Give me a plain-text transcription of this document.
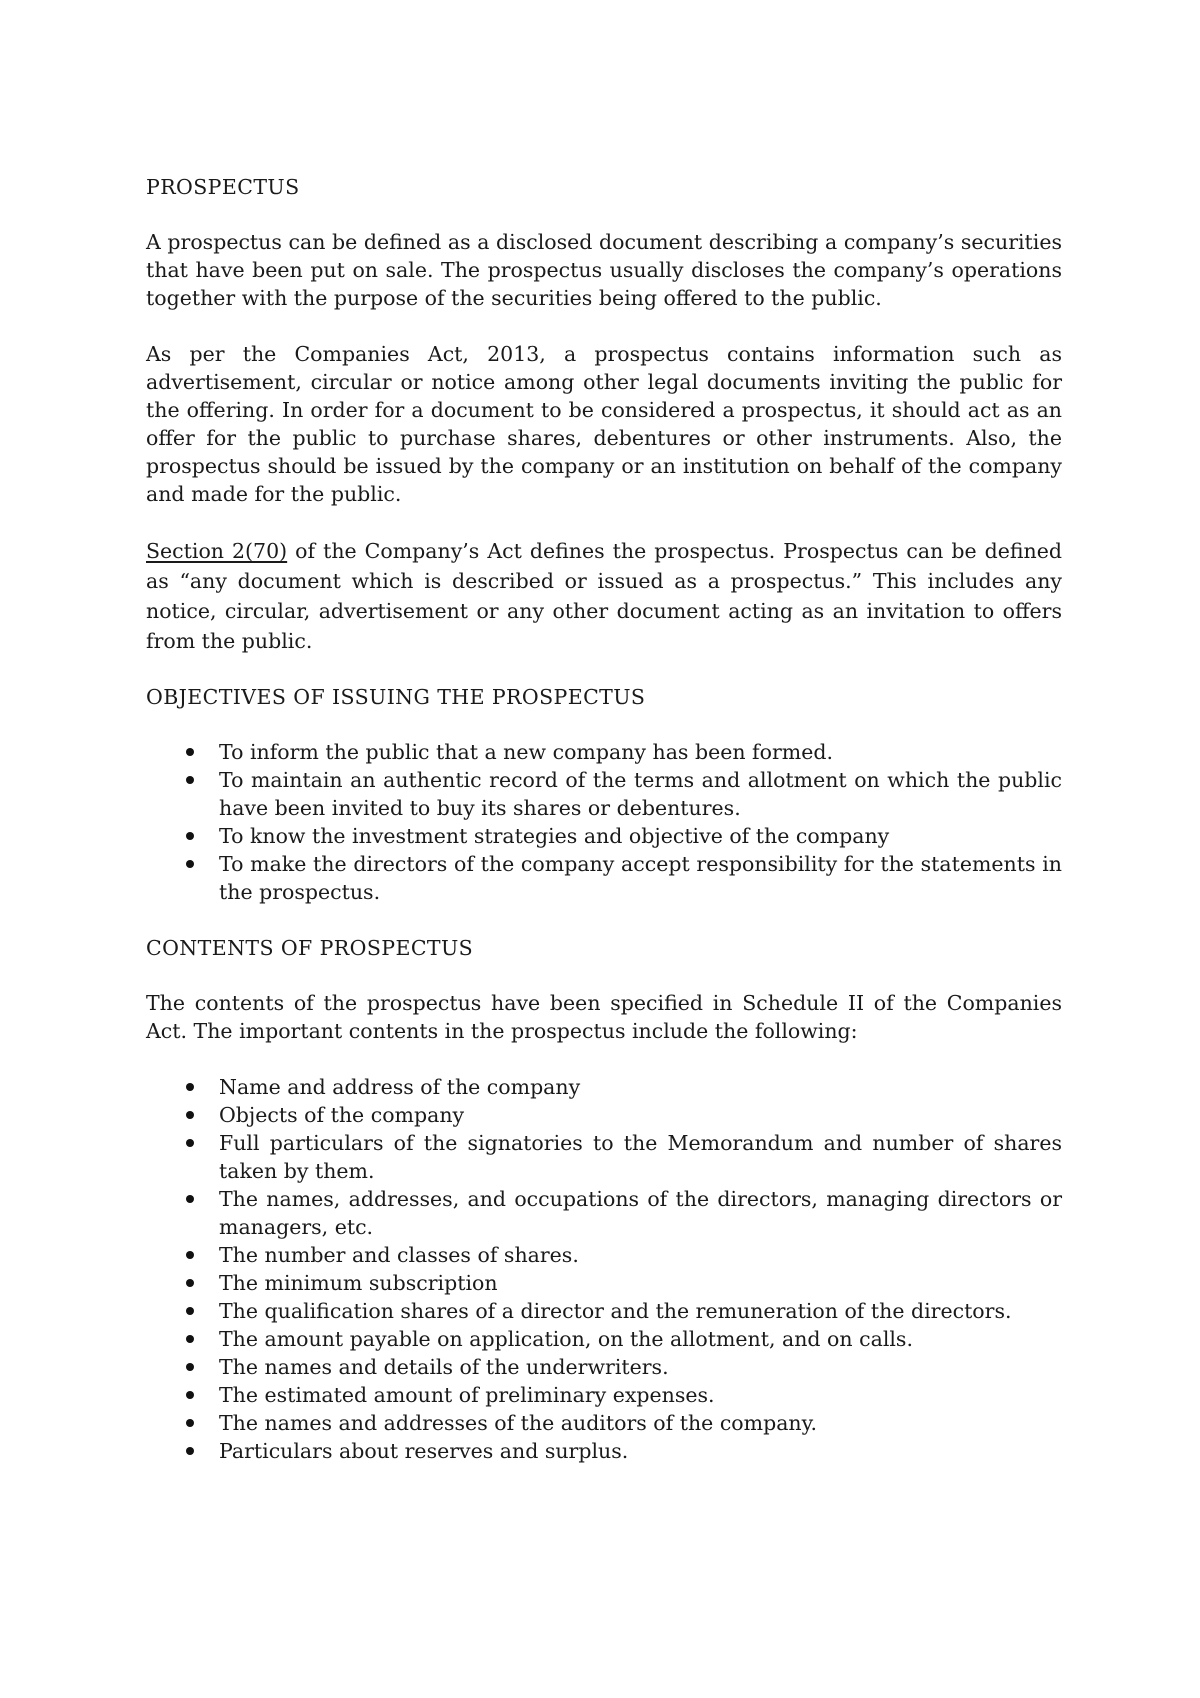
PROSPECTUS

A prospectus can be defined as a disclosed document describing a company’s securities that have been put on sale. The prospectus usually discloses the company’s operations together with the purpose of the securities being offered to the public.

As per the Companies Act, 2013, a prospectus contains information such as advertisement, circular or notice among other legal documents inviting the public for the offering. In order for a document to be considered a prospectus, it should act as an offer for the public to purchase shares, debentures or other instruments. Also, the prospectus should be issued by the company or an institution on behalf of the company and made for the public.

Section 2(70) of the Company’s Act defines the prospectus. Prospectus can be defined as “any document which is described or issued as a prospectus.” This includes any notice, circular, advertisement or any other document acting as an invitation to offers from the public.

OBJECTIVES OF ISSUING THE PROSPECTUS
To inform the public that a new company has been formed.
To maintain an authentic record of the terms and allotment on which the public have been invited to buy its shares or debentures.
To know the investment strategies and objective of the company
To make the directors of the company accept responsibility for the statements in the prospectus.
CONTENTS OF PROSPECTUS

The contents of the prospectus have been specified in Schedule II of the Companies Act. The important contents in the prospectus include the following:

Name and address of the company
Objects of the company
Full particulars of the signatories to the Memorandum and number of shares taken by them.
The names, addresses, and occupations of the directors, managing directors or managers, etc.
The number and classes of shares.
The minimum subscription
The qualification shares of a director and the remuneration of the directors.
The amount payable on application, on the allotment, and on calls.
The names and details of the underwriters.
The estimated amount of preliminary expenses.
The names and addresses of the auditors of the company.
Particulars about reserves and surplus.
